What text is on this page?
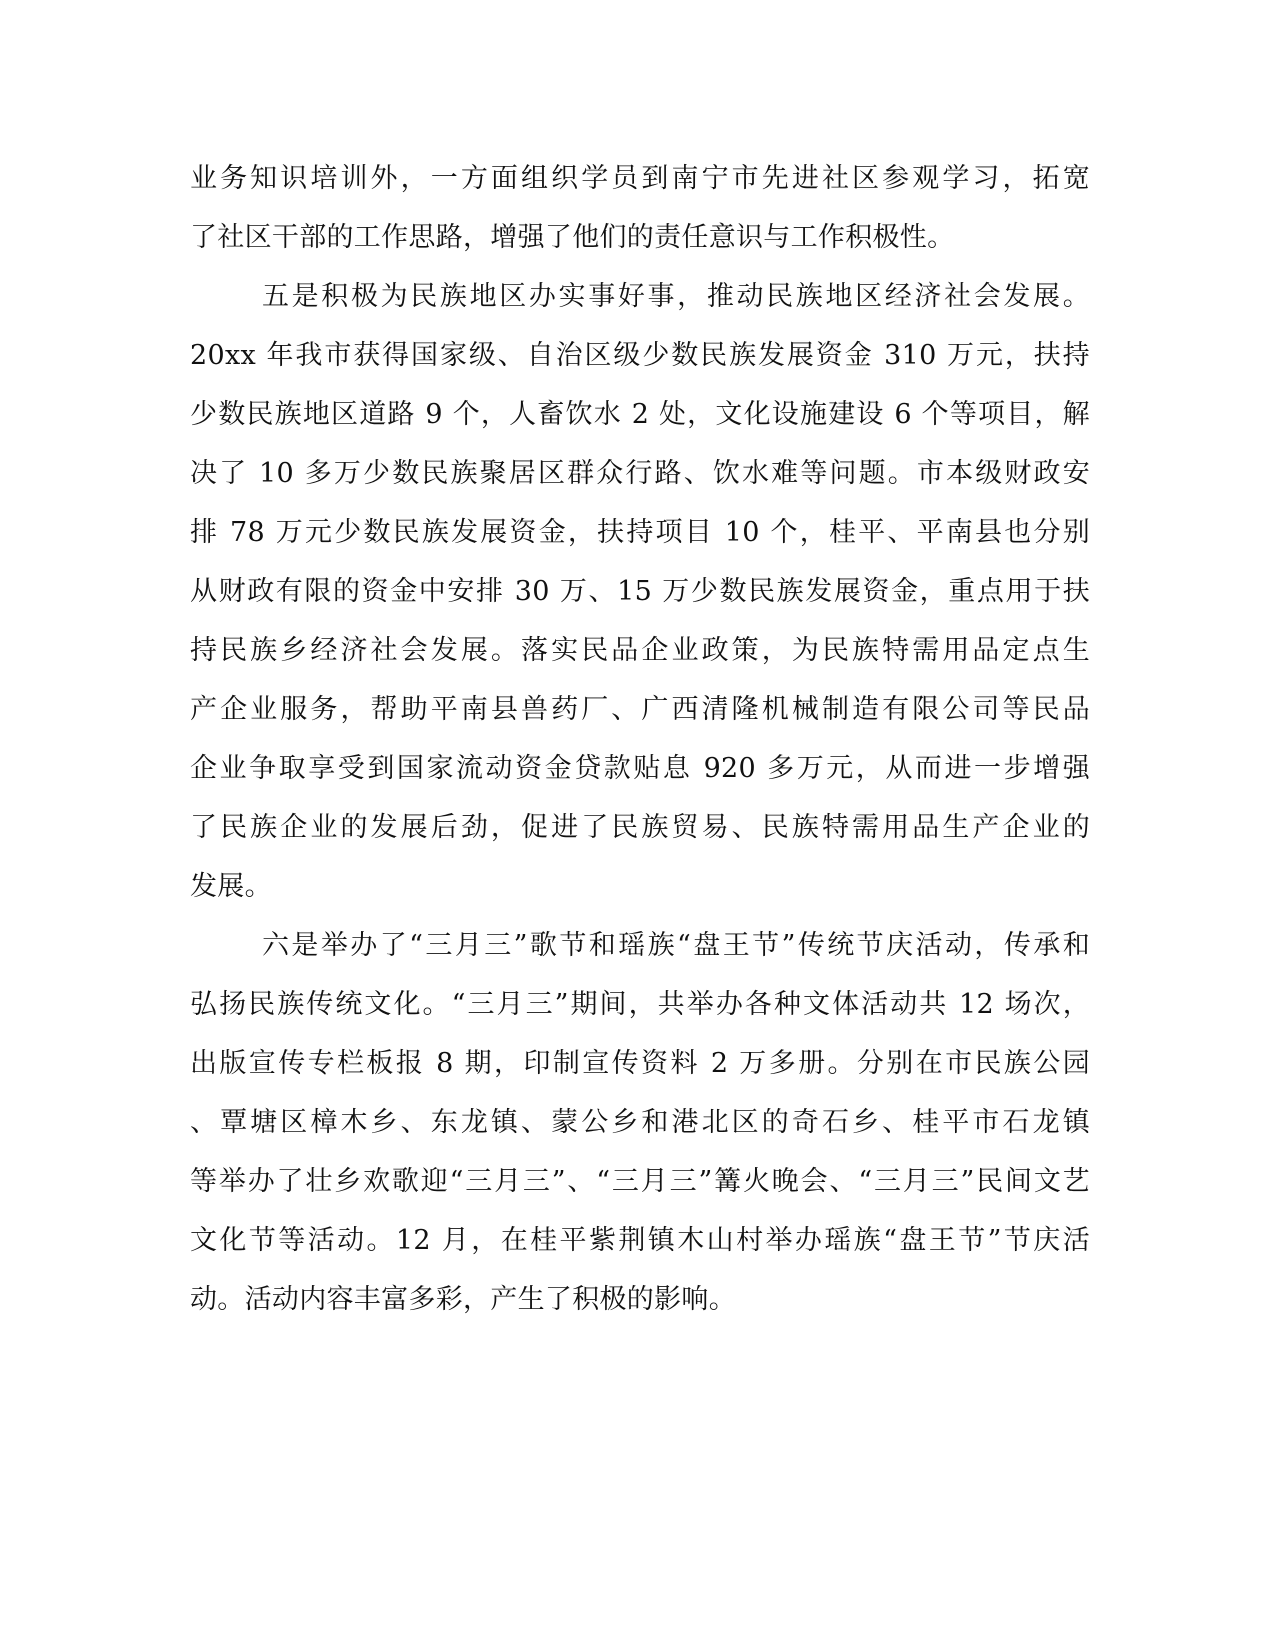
业务知识培训外，一方面组织学员到南宁市先进社区参观学习，拓宽
了社区干部的工作思路，增强了他们的责任意识与工作积极性。
五是积极为民族地区办实事好事，推动民族地区经济社会发展。
20xx 年我市获得国家级、自治区级少数民族发展资金 310 万元，扶持
少数民族地区道路 9 个，人畜饮水 2 处，文化设施建设 6 个等项目，解
决了 10 多万少数民族聚居区群众行路、饮水难等问题。市本级财政安
排 78 万元少数民族发展资金，扶持项目 10 个，桂平、平南县也分别
从财政有限的资金中安排 30 万、15 万少数民族发展资金，重点用于扶
持民族乡经济社会发展。落实民品企业政策，为民族特需用品定点生
产企业服务，帮助平南县兽药厂、广西清隆机械制造有限公司等民品
企业争取享受到国家流动资金贷款贴息 920 多万元，从而进一步增强
了民族企业的发展后劲，促进了民族贸易、民族特需用品生产企业的
发展。
六是举办了“三月三”歌节和瑶族“盘王节”传统节庆活动，传承和
弘扬民族传统文化。“三月三”期间，共举办各种文体活动共 12 场次，
出版宣传专栏板报 8 期，印制宣传资料 2 万多册。分别在市民族公园
、覃塘区樟木乡、东龙镇、蒙公乡和港北区的奇石乡、桂平市石龙镇
等举办了壮乡欢歌迎“三月三”、“三月三”篝火晚会、“三月三”民间文艺
文化节等活动。12 月，在桂平紫荆镇木山村举办瑶族“盘王节”节庆活
动。活动内容丰富多彩，产生了积极的影响。
